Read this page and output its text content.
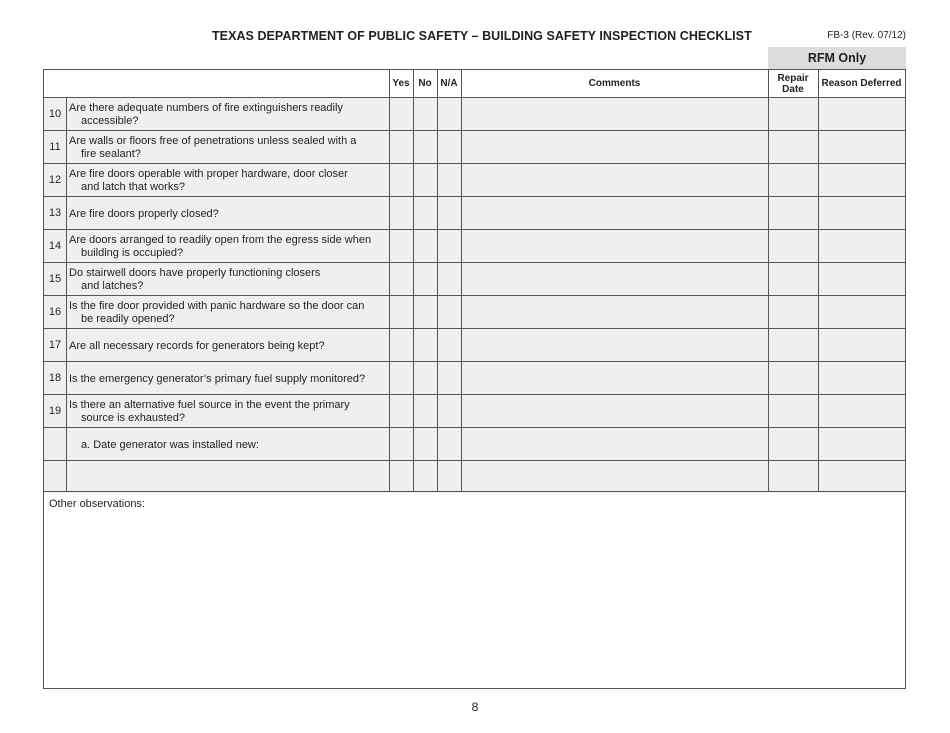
TEXAS DEPARTMENT OF PUBLIC SAFETY – BUILDING SAFETY INSPECTION CHECKLIST	FB-3 (Rev. 07/12)
RFM Only
Yes No N/A	Comments	Repair Date	Reason Deferred
10 Are there adequate numbers of fire extinguishers readily
accessible?
11 Are walls or floors free of penetrations unless sealed with a
fire sealant?
12 Are fire doors operable with proper hardware, door closer
and latch that works?
13 Are fire doors properly closed?
14 Are doors arranged to readily open from the egress side when
building is occupied?
15 Do stairwell doors have properly functioning closers
and latches?
16 Is the fire door provided with panic hardware so the door can
be readily opened?
17 Are all necessary records for generators being kept?
18 Is the emergency generator’s primary fuel supply monitored?
19 Is there an alternative fuel source in the event the primary
source is exhausted?
a. Date generator was installed new:
Other observations:
8
